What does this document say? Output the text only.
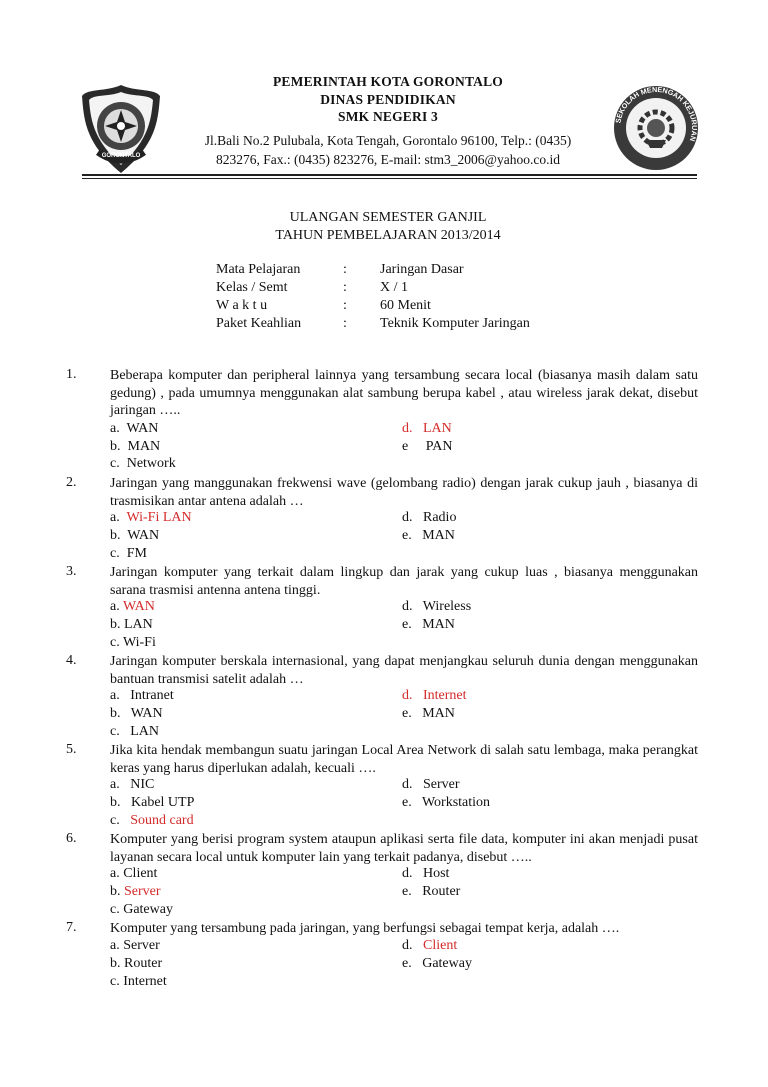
GORONTALO
SEKOLAH MENENGAH KEJURUAN
PEMERINTAH KOTA GORONTALO
DINAS PENDIDIKAN
SMK NEGERI 3
Jl.Bali No.2 Pulubala, Kota Tengah, Gorontalo 96100, Telp.: (0435)
823276, Fax.: (0435) 823276, E-mail: stm3_2006@yahoo.co.id
ULANGAN SEMESTER GANJIL
TAHUN PEMBELAJARAN 2013/2014
Mata Pelajaran	: Jaringan Dasar
Kelas / Semt	: X / 1
W a k t u	: 60 Menit
Paket Keahlian	: Teknik Komputer Jaringan
1. Beberapa komputer dan peripheral lainnya yang tersambung secara local (biasanya masih dalam satu gedung) , pada umumnya menggunakan alat sambung berupa kabel , atau wireless jarak dekat, disebut jaringan …..
a. WAN
b. MAN
c. Network
d. LAN
e PAN
2. Jaringan yang manggunakan frekwensi wave (gelombang radio) dengan jarak cukup jauh , biasanya di trasmisikan antar antena adalah …
a. Wi-Fi LAN
b. WAN
c. FM
d. Radio
e. MAN
3. Jaringan komputer yang terkait dalam lingkup dan jarak yang cukup luas , biasanya menggunakan sarana trasmisi antenna antena tinggi.
a. WAN
b. LAN
c. Wi-Fi
d. Wireless
e. MAN
4. Jaringan komputer berskala internasional, yang dapat menjangkau seluruh dunia dengan menggunakan bantuan transmisi satelit adalah …
a. Intranet
b. WAN
c. LAN
d. Internet
e. MAN
5. Jika kita hendak membangun suatu jaringan Local Area Network di salah satu lembaga, maka perangkat keras yang harus diperlukan adalah, kecuali ….
a. NIC
b. Kabel UTP
c. Sound card
d. Server
e. Workstation
6. Komputer yang berisi program system ataupun aplikasi serta file data, komputer ini akan menjadi pusat layanan secara local untuk komputer lain yang terkait padanya, disebut …..
a. Client
b. Server
c. Gateway
d. Host
e. Router
7. Komputer yang tersambung pada jaringan, yang berfungsi sebagai tempat kerja, adalah ….
a. Server
b. Router
c. Internet
d. Client
e. Gateway
